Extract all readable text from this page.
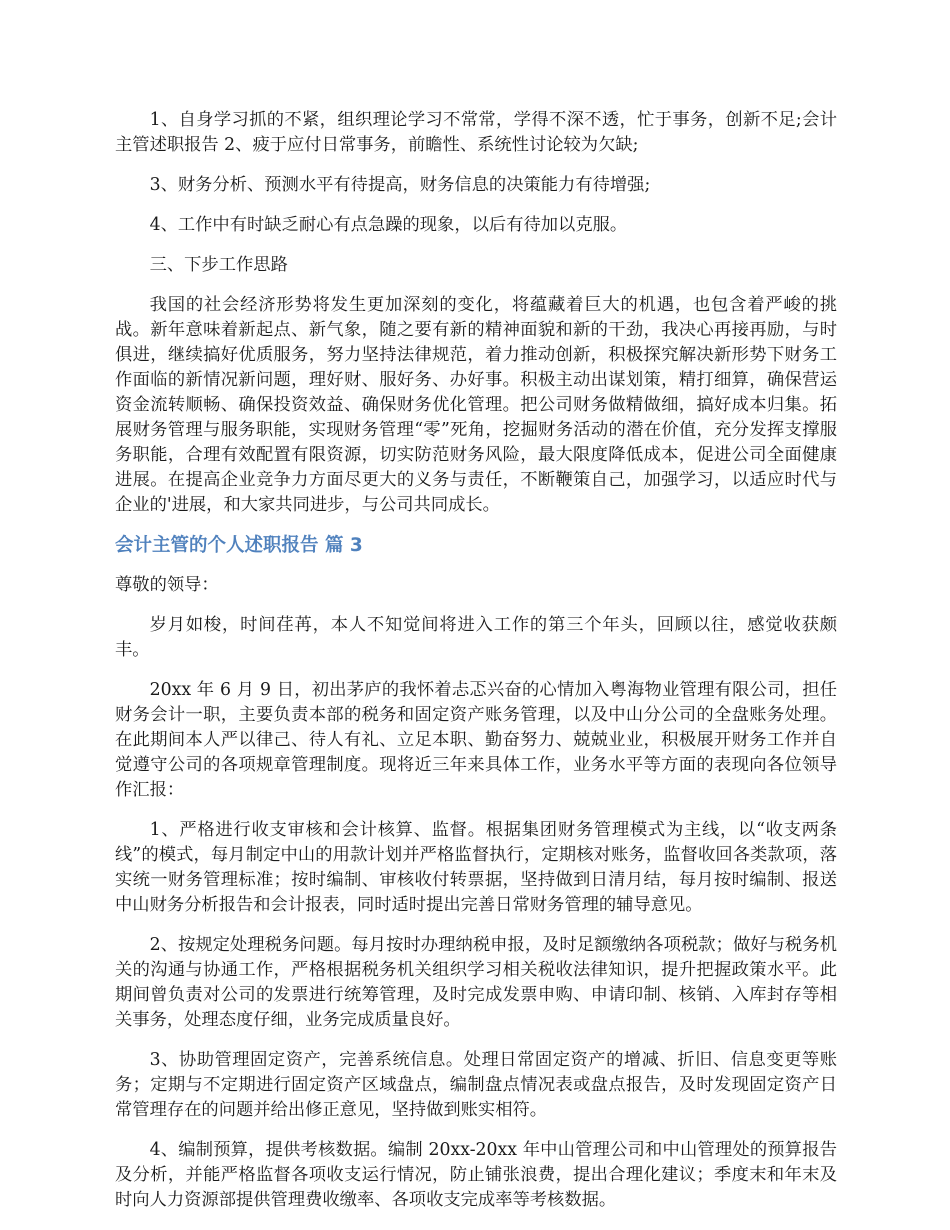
1、自身学习抓的不紧，组织理论学习不常常，学得不深不透，忙于事务，创新不足;会计主管述职报告 2、疲于应付日常事务，前瞻性、系统性讨论较为欠缺;

3、财务分析、预测水平有待提高，财务信息的决策能力有待增强;

4、工作中有时缺乏耐心有点急躁的现象，以后有待加以克服。

三、下步工作思路

我国的社会经济形势将发生更加深刻的变化，将蕴藏着巨大的机遇，也包含着严峻的挑战。新年意味着新起点、新气象，随之要有新的精神面貌和新的干劲，我决心再接再励，与时俱进，继续搞好优质服务，努力坚持法律规范，着力推动创新，积极探究解决新形势下财务工作面临的新情况新问题，理好财、服好务、办好事。积极主动出谋划策，精打细算，确保营运资金流转顺畅、确保投资效益、确保财务优化管理。把公司财务做精做细，搞好成本归集。拓展财务管理与服务职能，实现财务管理“零”死角，挖掘财务活动的潜在价值，充分发挥支撑服务职能，合理有效配置有限资源，切实防范财务风险，最大限度降低成本，促进公司全面健康进展。在提高企业竞争力方面尽更大的义务与责任，不断鞭策自己，加强学习，以适应时代与企业的'进展，和大家共同进步，与公司共同成长。

会计主管的个人述职报告 篇 3

尊敬的领导：

岁月如梭，时间荏苒，本人不知觉间将进入工作的第三个年头，回顾以往，感觉收获颇丰。

20xx 年 6 月 9 日，初出茅庐的我怀着忐忑兴奋的心情加入粤海物业管理有限公司，担任财务会计一职，主要负责本部的税务和固定资产账务管理，以及中山分公司的全盘账务处理。在此期间本人严以律己、待人有礼、立足本职、勤奋努力、兢兢业业，积极展开财务工作并自觉遵守公司的各项规章管理制度。现将近三年来具体工作，业务水平等方面的表现向各位领导作汇报：

1、严格进行收支审核和会计核算、监督。根据集团财务管理模式为主线，以“收支两条线”的模式，每月制定中山的用款计划并严格监督执行，定期核对账务，监督收回各类款项，落实统一财务管理标准；按时编制、审核收付转票据，坚持做到日清月结，每月按时编制、报送中山财务分析报告和会计报表，同时适时提出完善日常财务管理的辅导意见。

2、按规定处理税务问题。每月按时办理纳税申报，及时足额缴纳各项税款；做好与税务机关的沟通与协通工作，严格根据税务机关组织学习相关税收法律知识，提升把握政策水平。此期间曾负责对公司的发票进行统筹管理，及时完成发票申购、申请印制、核销、入库封存等相关事务，处理态度仔细，业务完成质量良好。

3、协助管理固定资产，完善系统信息。处理日常固定资产的增减、折旧、信息变更等账务；定期与不定期进行固定资产区域盘点，编制盘点情况表或盘点报告，及时发现固定资产日常管理存在的问题并给出修正意见，坚持做到账实相符。

4、编制预算，提供考核数据。编制 20xx-20xx 年中山管理公司和中山管理处的预算报告及分析，并能严格监督各项收支运行情况，防止铺张浪费，提出合理化建议；季度末和年末及时向人力资源部提供管理费收缴率、各项收支完成率等考核数据。
